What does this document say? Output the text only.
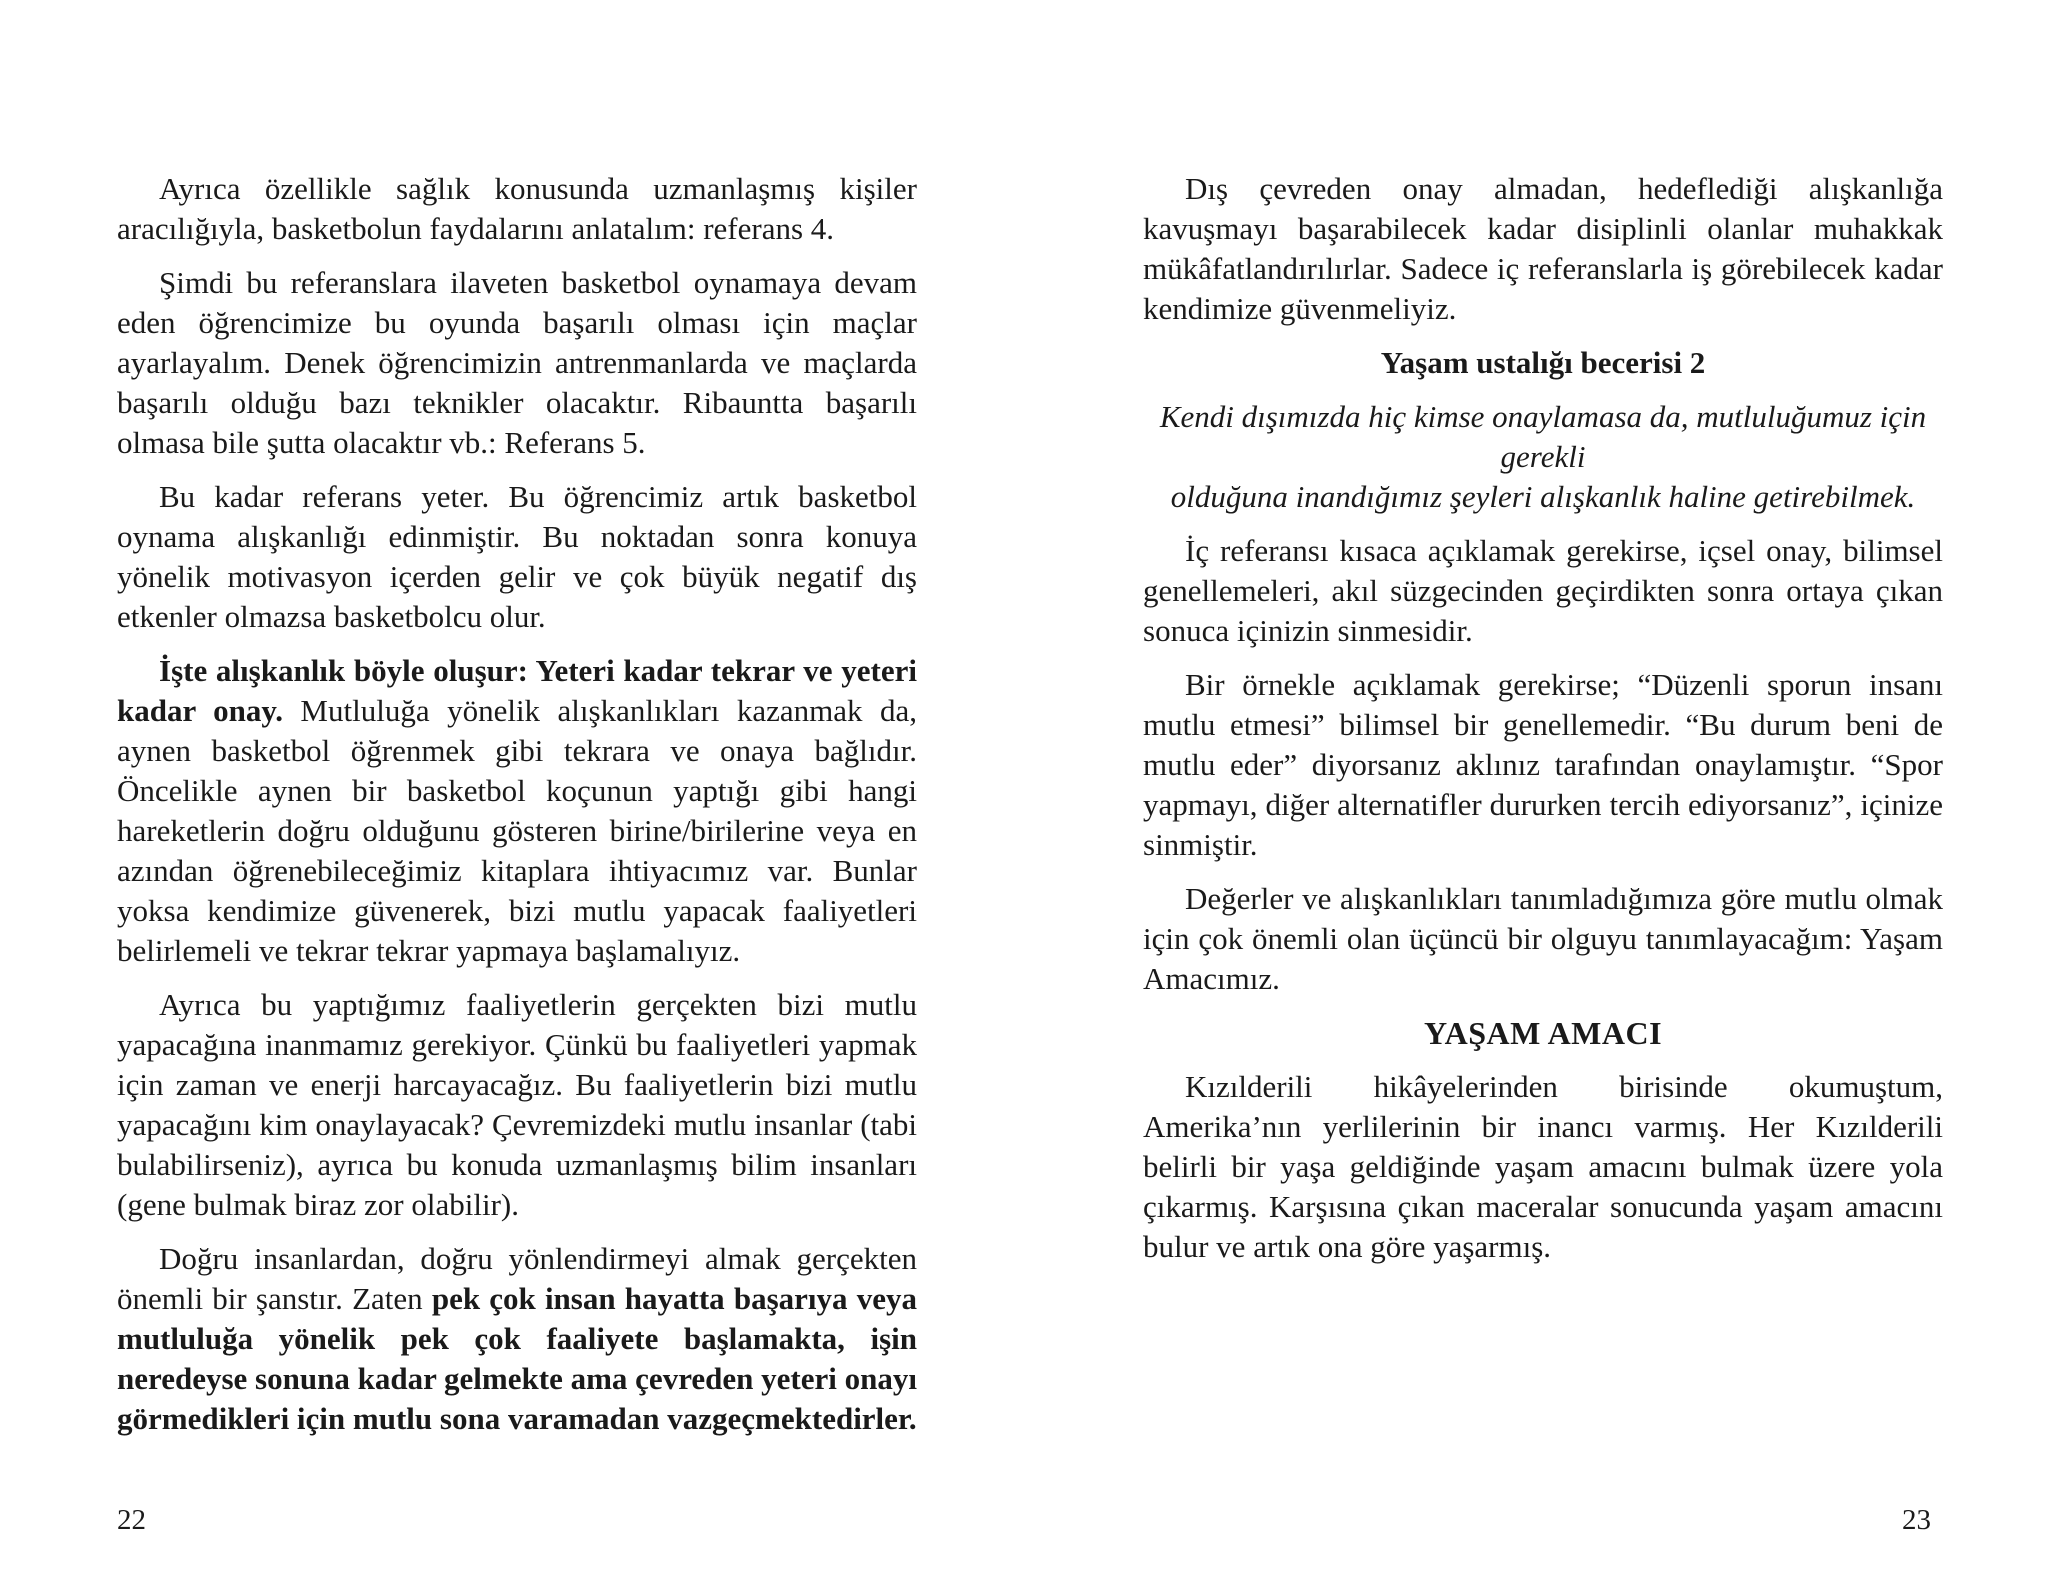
Ayrıca özellikle sağlık konusunda uzmanlaşmış kişiler aracılığıyla, basketbolun faydalarını anlatalım: referans 4.

Şimdi bu referanslara ilaveten basketbol oynamaya devam eden öğrencimize bu oyunda başarılı olması için maçlar ayarlayalım. Denek öğrencimizin antrenmanlarda ve maçlarda başarılı olduğu bazı teknikler olacaktır. Ribauntta başarılı olmasa bile şutta olacaktır vb.: Referans 5.

Bu kadar referans yeter. Bu öğrencimiz artık basketbol oynama alışkanlığı edinmiştir. Bu noktadan sonra konuya yönelik motivasyon içerden gelir ve çok büyük negatif dış etkenler olmazsa basketbolcu olur.

İşte alışkanlık böyle oluşur: Yeteri kadar tekrar ve yeteri kadar onay. Mutluluğa yönelik alışkanlıkları kazanmak da, aynen basketbol öğrenmek gibi tekrara ve onaya bağlıdır. Öncelikle aynen bir basketbol koçunun yaptığı gibi hangi hareketlerin doğru olduğunu gösteren birine/birilerine veya en azından öğrenebileceğimiz kitaplara ihtiyacımız var. Bunlar yoksa kendimize güvenerek, bizi mutlu yapacak faaliyetleri belirlemeli ve tekrar tekrar yapmaya başlamalıyız.

Ayrıca bu yaptığımız faaliyetlerin gerçekten bizi mutlu yapacağına inanmamız gerekiyor. Çünkü bu faaliyetleri yapmak için zaman ve enerji harcayacağız. Bu faaliyetlerin bizi mutlu yapacağını kim onaylayacak? Çevremizdeki mutlu insanlar (tabi bulabilirseniz), ayrıca bu konuda uzmanlaşmış bilim insanları (gene bulmak biraz zor olabilir).

Doğru insanlardan, doğru yönlendirmeyi almak gerçekten önemli bir şanstır. Zaten pek çok insan hayatta başarıya veya mutluluğa yönelik pek çok faaliyete başlamakta, işin neredeyse sonuna kadar gelmekte ama çevreden yeteri onayı görmedikleri için mutlu sona varamadan vazgeçmektedirler.

22

Dış çevreden onay almadan, hedeflediği alışkanlığa kavuşmayı başarabilecek kadar disiplinli olanlar muhakkak mükâfatlandırılırlar. Sadece iç referanslarla iş görebilecek kadar kendimize güvenmeliyiz.

Yaşam ustalığı becerisi 2

Kendi dışımızda hiç kimse onaylamasa da, mutluluğumuz için gerekli
olduğuna inandığımız şeyleri alışkanlık haline getirebilmek.

İç referansı kısaca açıklamak gerekirse, içsel onay, bilimsel genellemeleri, akıl süzgecinden geçirdikten sonra ortaya çıkan sonuca içinizin sinmesidir.

Bir örnekle açıklamak gerekirse; “Düzenli sporun insanı mutlu etmesi” bilimsel bir genellemedir. “Bu durum beni de mutlu eder” diyorsanız aklınız tarafından onaylamıştır. “Spor yapmayı, diğer alternatifler dururken tercih ediyorsanız”, içinize sinmiştir.

Değerler ve alışkanlıkları tanımladığımıza göre mutlu olmak için çok önemli olan üçüncü bir olguyu tanımlayacağım: Yaşam Amacımız.

YAŞAM AMACI

Kızılderili hikâyelerinden birisinde okumuştum, Amerika’nın yerlilerinin bir inancı varmış. Her Kızılderili belirli bir yaşa geldiğinde yaşam amacını bulmak üzere yola çıkarmış. Karşısına çıkan maceralar sonucunda yaşam amacını bulur ve artık ona göre yaşarmış.

23
